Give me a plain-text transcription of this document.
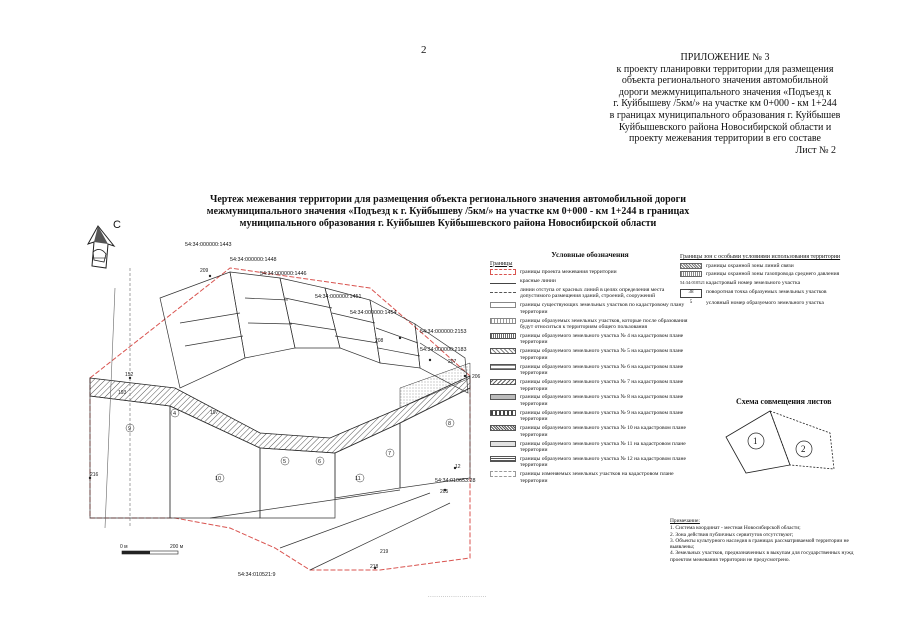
2
ПРИЛОЖЕНИЕ № 3
к проекту планировки территории для размещения
объекта регионального значения автомобильной
дороги межмуниципального значения «Подъезд к
г. Куйбышеву /5км/» на участке км 0+000 - км 1+244
в границах муниципального образования г. Куйбышев
Куйбышевского района Новосибирской области и
проекту межевания территории в его составе
Лист № 2
Чертеж межевания территории для размещения объекта регионального значения автомобильной дороги
межмуниципального значения «Подъезд к г. Куйбышеву /5км/» на участке км 0+000 - км 1+244 в границах
муниципального образования г. Куйбышев Куйбышевского района Новосибирской области
С
54:34:000000:1443
54:34:000000:1448
54:34:000000:1446
54:34:000000:1451
54:34:000000:1454
54:34:000000:2153
54:34:000000:2183
54:34:010653:28
54:34:010521:9
209
208
207
206
205
218
219
216
197
193
152
12
4
5	6
7
8
9
10	11
0 м	200 м
Условные обозначения
Границы
границы проекта межевания территории
красные линии
линии отступа от красных линий в целях определения места допустимого размещения зданий, строений, сооружений
границы существующих земельных участков по кадастровому плану территории
границы образуемых земельных участков, которые после образования будут относиться к территориям общего пользования
границы образуемого земельного участка № 4 на кадастровом плане территории
границы образуемого земельного участка № 5 на кадастровом плане территории
границы образуемого земельного участка № 6 на кадастровом плане территории
границы образуемого земельного участка № 7 на кадастровом плане территории
границы образуемого земельного участка № 8 на кадастровом плане территории
границы образуемого земельного участка № 9 на кадастровом плане территории
границы образуемого земельного участка № 10 на кадастровом плане территории
границы образуемого земельного участка № 11 на кадастровом плане территории
границы образуемого земельного участка № 12 на кадастровом плане территории
границы изменяемых земельных участков на кадастровом плане территории
Границы зон с особыми условиями использования территории
границы охранной зоны линий связи
границы охранной зоны газопровода среднего давления
54:34:010521 кадастровый номер земельного участка
38	поворотная точка образуемых земельных участков
5	условный номер образуемого земельного участка
Схема совмещения листов
1
2
Примечание:
1. Система координат - местная Новосибирской области;
2. Зона действия публичных сервитутов отсутствуют;
3. Объекты культурного наследия в границах рассматриваемой территории не выявлены;
4. Земельных участков, предназначенных в выкупам для государственных нужд проектом межевания территории не предусмотрено.
............................
